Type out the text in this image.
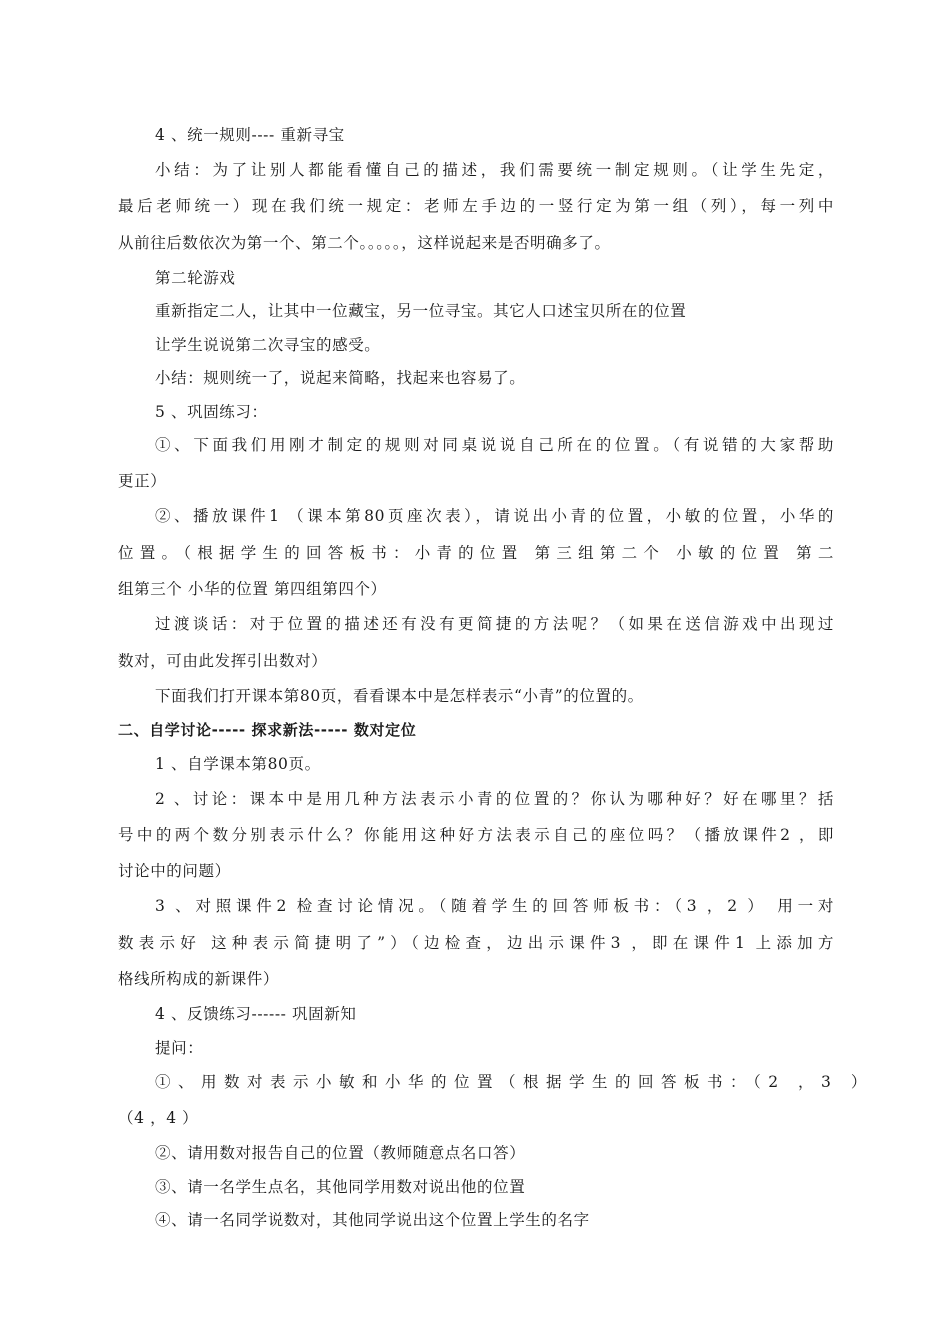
4 、统一规则---- 重新寻宝
小结：为了让别人都能看懂自己的描述，我们需要统一制定规则。（让学生先定，
最后老师统一）现在我们统一规定：老师左手边的一竖行定为第一组（列），每一列中
从前往后数依次为第一个、第二个。。。。。，这样说起来是否明确多了。
第二轮游戏
重新指定二人，让其中一位藏宝，另一位寻宝。其它人口述宝贝所在的位置
让学生说说第二次寻宝的感受。
小结：规则统一了，说起来简略，找起来也容易了。
5 、巩固练习：
①、下面我们用刚才制定的规则对同桌说说自己所在的位置。（有说错的大家帮助
更正）
②、播放课件1 （课本第80页座次表），请说出小青的位置，小敏的位置，小华的
位置。（根据学生的回答板书：小青的位置 第三组第二个 小敏的位置 第二
组第三个 小华的位置 第四组第四个）
过渡谈话：对于位置的描述还有没有更简捷的方法呢？（如果在送信游戏中出现过
数对，可由此发挥引出数对）
下面我们打开课本第80页，看看课本中是怎样表示“小青”的位置的。
二、自学讨论----- 探求新法----- 数对定位
1 、自学课本第80页。
2 、讨论：课本中是用几种方法表示小青的位置的？你认为哪种好？好在哪里？括
号中的两个数分别表示什么？你能用这种好方法表示自己的座位吗？（播放课件2 ，即
讨论中的问题）
3 、对照课件2 检查讨论情况。（随着学生的回答师板书：（3 ，2 ） 用一对
数表示好 这种表示简捷明了”）（边检查，边出示课件3 ，即在课件1 上添加方
格线所构成的新课件）
4 、反馈练习------ 巩固新知
提问：
①、用数对表示小敏和小华的位置（根据学生的回答板书：（2 ，3 ）
（4 ，4 ）
②、请用数对报告自己的位置（教师随意点名口答）
③、请一名学生点名，其他同学用数对说出他的位置
④、请一名同学说数对，其他同学说出这个位置上学生的名字
